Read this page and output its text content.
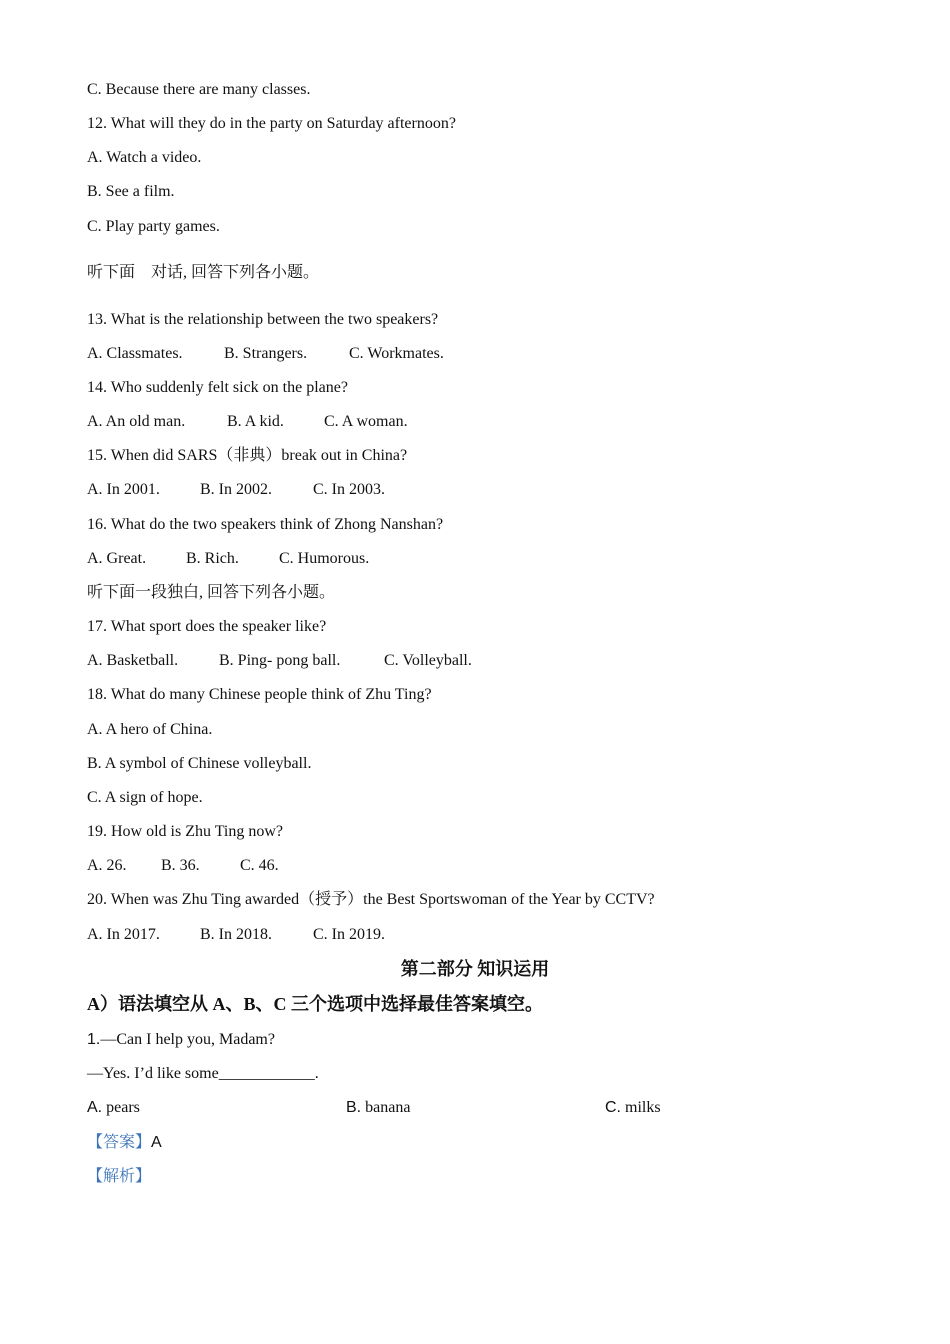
C. Because there are many classes.
12. What will they do in the party on Saturday afternoon?
A. Watch a video.
B. See a film.
C. Play party games.
听下面　对话, 回答下列各小题。
13. What is the relationship between the two speakers?
A. Classmates.	B. Strangers.	C. Workmates.
14. Who suddenly felt sick on the plane?
A. An old man.	B. A kid.	C. A woman.
15. When did SARS（非典）break out in China?
A. In 2001.	B. In 2002.	C. In 2003.
16. What do the two speakers think of Zhong Nanshan?
A. Great. B. Rich.	C. Humorous.
听下面一段独白, 回答下列各小题。
17. What sport does the speaker like?
A. Basketball.	B. Ping- pong ball.	C. Volleyball.
18. What do many Chinese people think of Zhu Ting?
A. A hero of China.
B. A symbol of Chinese volleyball.
C. A sign of hope.
19. How old is Zhu Ting now?
A. 26. B. 36.	C. 46.
20. When was Zhu Ting awarded（授予）the Best Sportswoman of the Year by CCTV?
A. In 2017.	B. In 2018.	C. In 2019.
第二部分 知识运用
A）语法填空从 A、B、C 三个选项中选择最佳答案填空。
1.—Can I help you, Madam?
—Yes. I’d like some____________.
A. pears	B. banana	C. milks
【答案】A
【解析】
